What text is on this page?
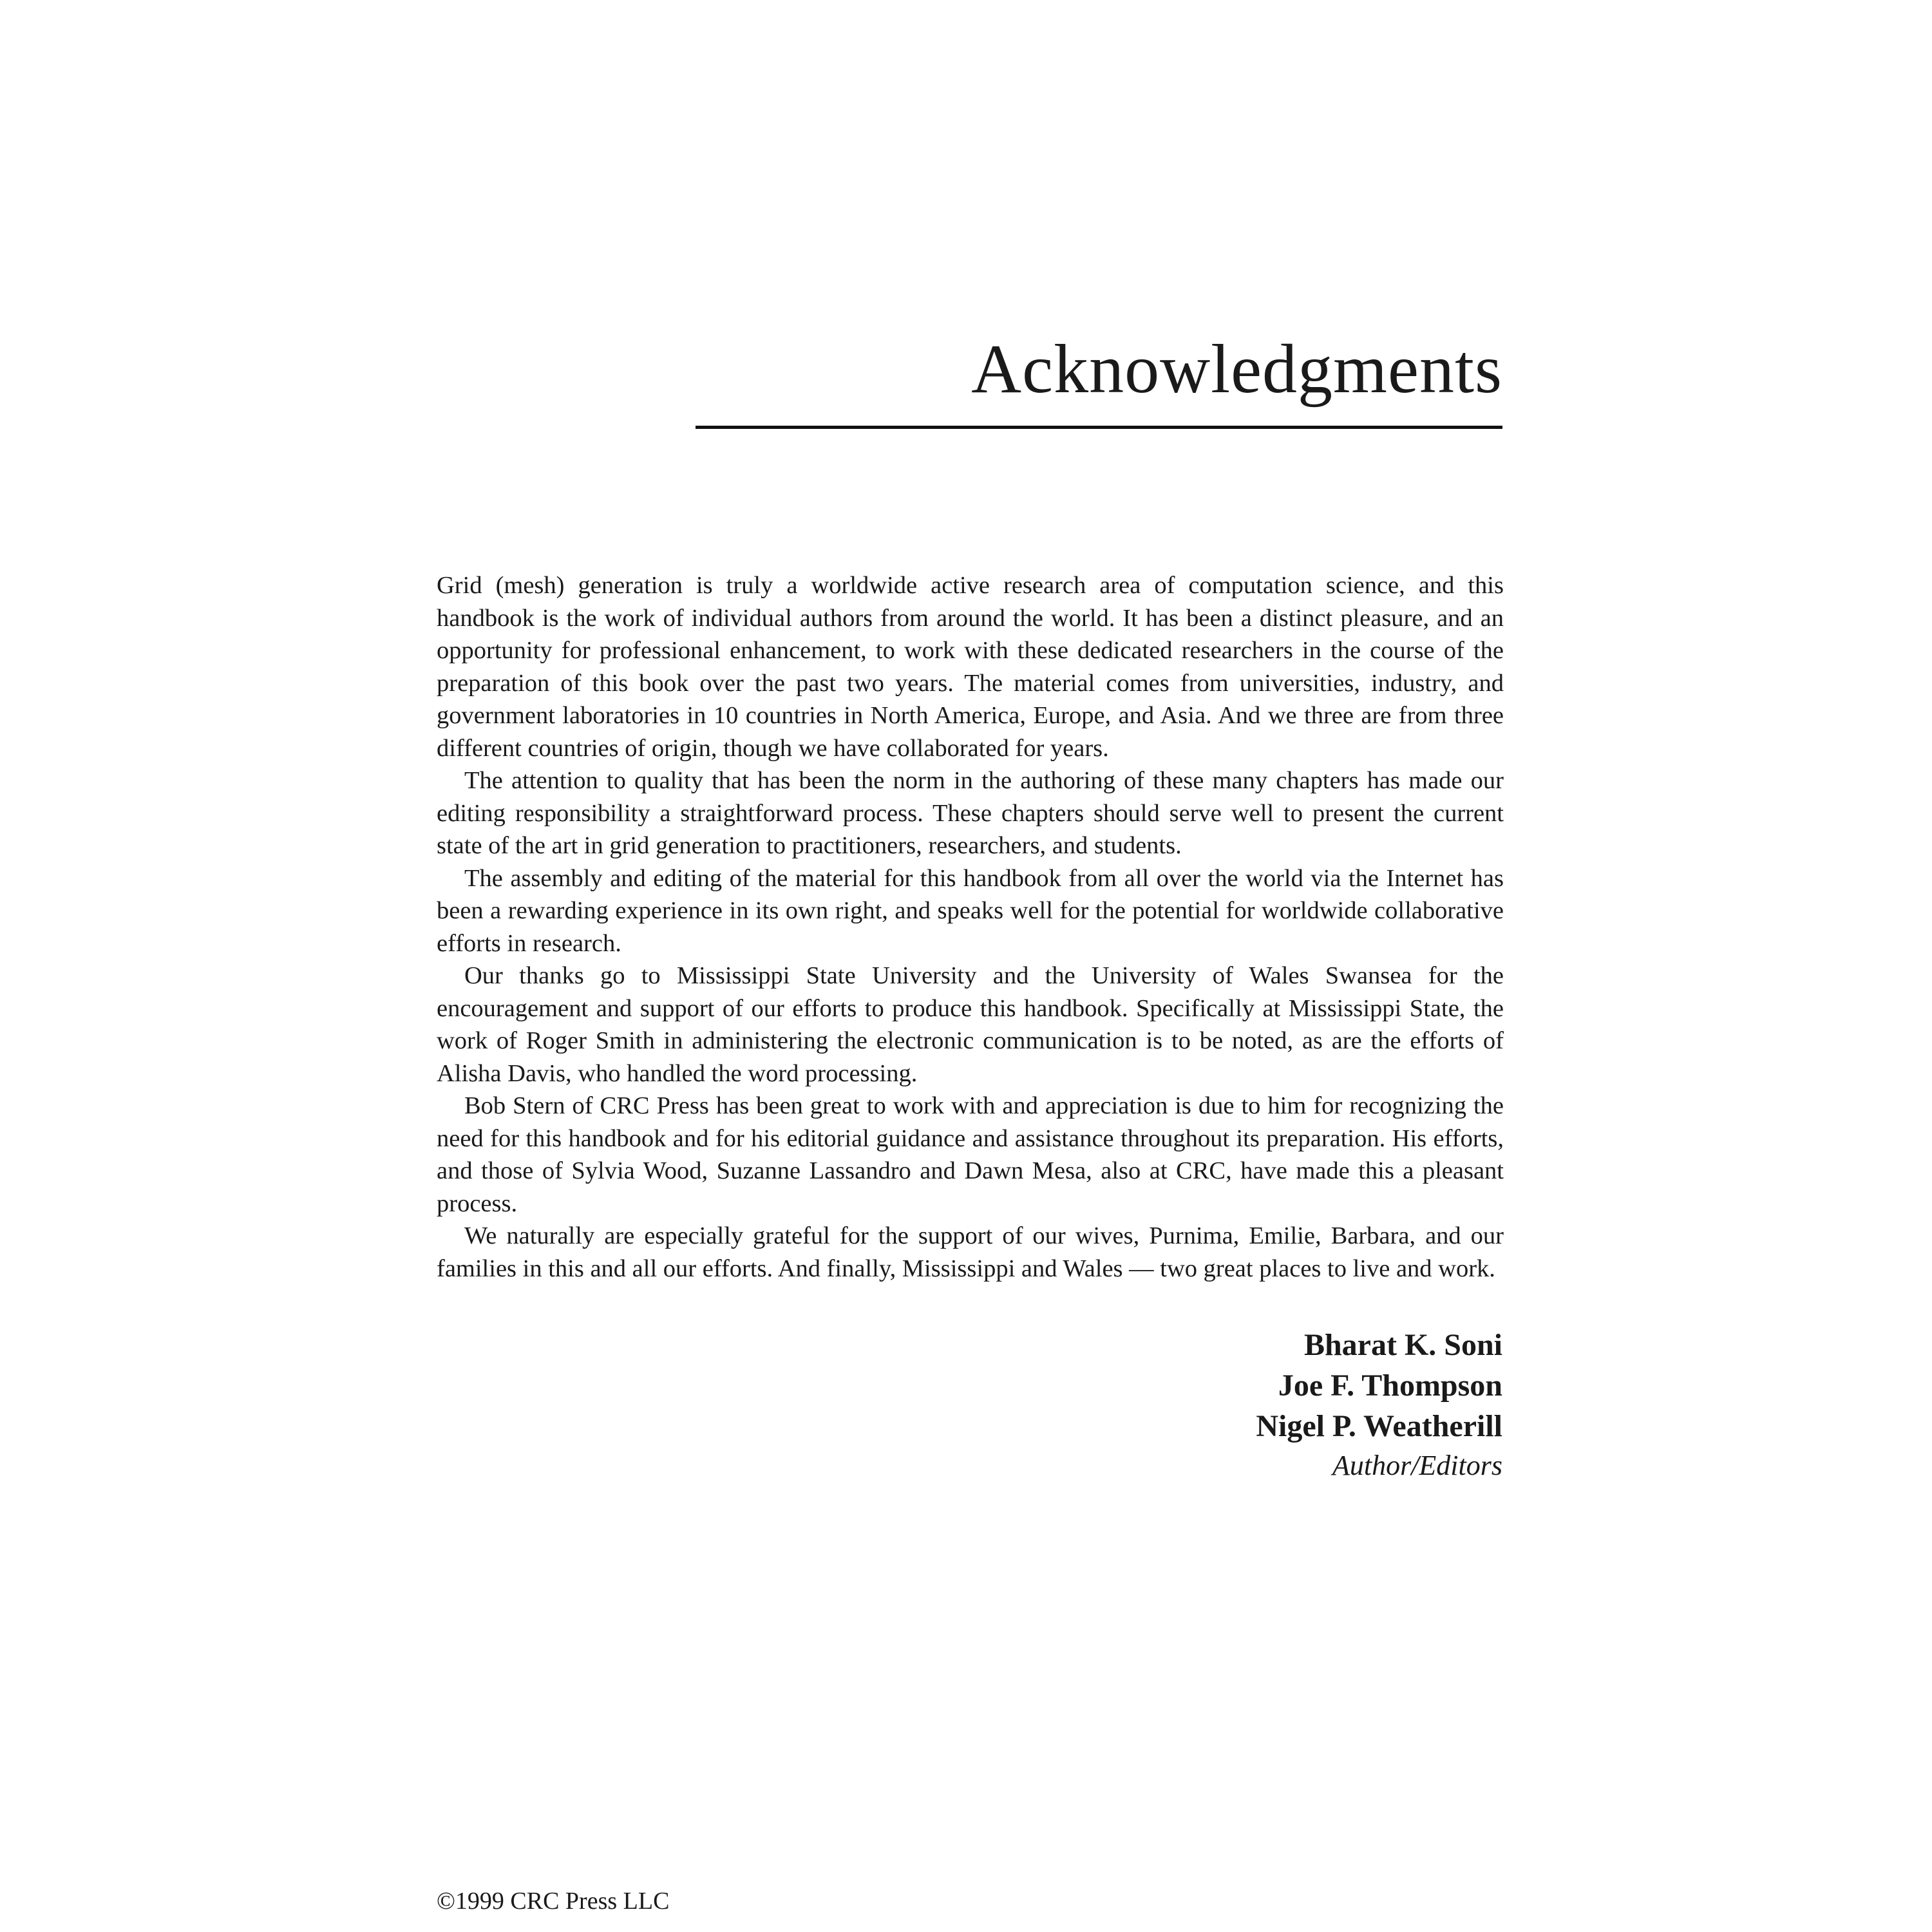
Acknowledgments

Grid (mesh) generation is truly a worldwide active research area of computation science, and this handbook is the work of individual authors from around the world. It has been a distinct pleasure, and an opportunity for professional enhancement, to work with these dedicated researchers in the course of the preparation of this book over the past two years. The material comes from universities, industry, and government laboratories in 10 countries in North America, Europe, and Asia. And we three are from three different countries of origin, though we have collaborated for years.

The attention to quality that has been the norm in the authoring of these many chapters has made our editing responsibility a straightforward process. These chapters should serve well to present the current state of the art in grid generation to practitioners, researchers, and students.

The assembly and editing of the material for this handbook from all over the world via the Internet has been a rewarding experience in its own right, and speaks well for the potential for worldwide collaborative efforts in research.

Our thanks go to Mississippi State University and the University of Wales Swansea for the encouragement and support of our efforts to produce this handbook. Specifically at Mississippi State, the work of Roger Smith in administering the electronic communication is to be noted, as are the efforts of Alisha Davis, who handled the word processing.

Bob Stern of CRC Press has been great to work with and appreciation is due to him for recognizing the need for this handbook and for his editorial guidance and assistance throughout its preparation. His efforts, and those of Sylvia Wood, Suzanne Lassandro and Dawn Mesa, also at CRC, have made this a pleasant process.

We naturally are especially grateful for the support of our wives, Purnima, Emilie, Barbara, and our families in this and all our efforts. And finally, Mississippi and Wales — two great places to live and work.

Bharat K. Soni
Joe F. Thompson
Nigel P. Weatherill
Author/Editors
©1999 CRC Press LLC
